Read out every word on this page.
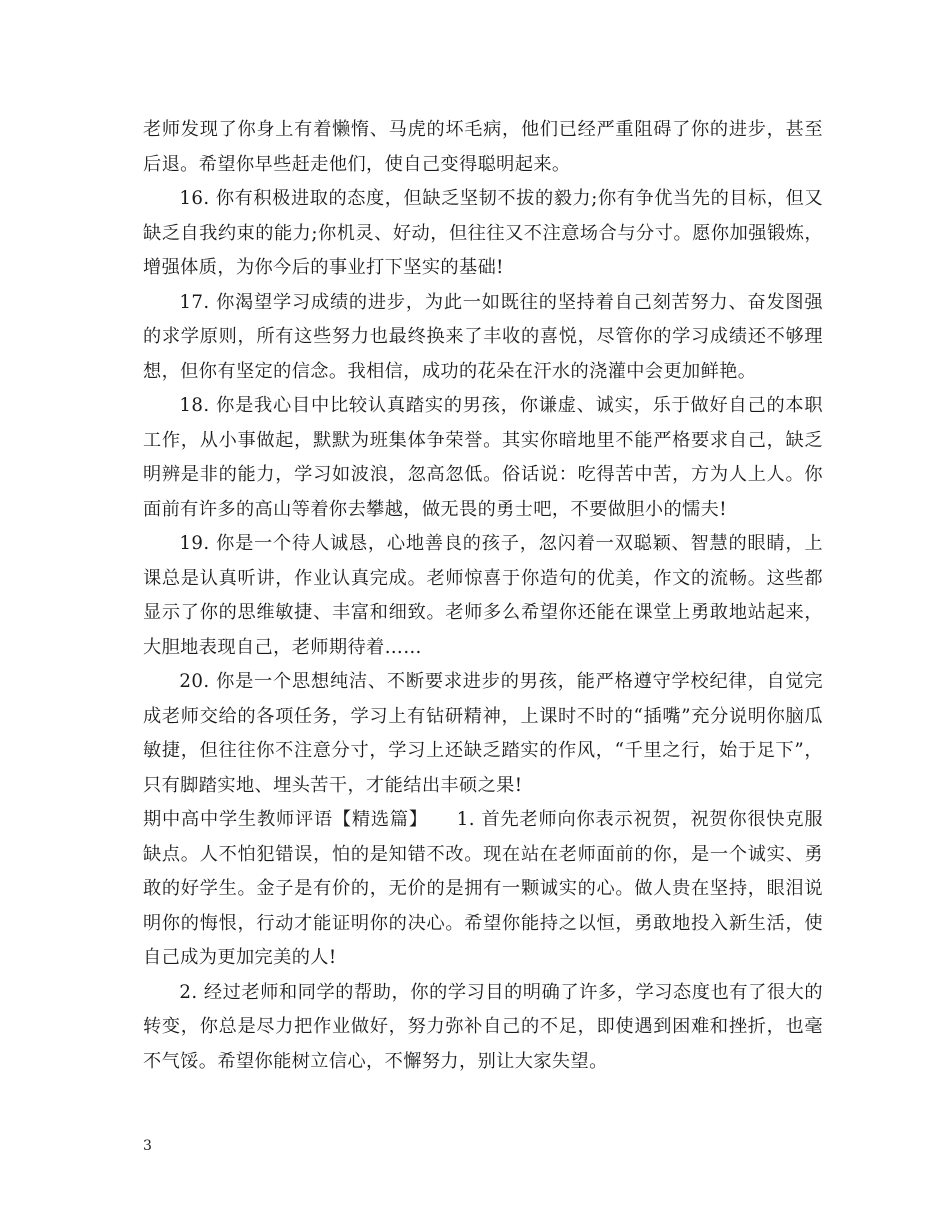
老师发现了你身上有着懒惰、马虎的坏毛病，他们已经严重阻碍了你的进步，甚至后退。希望你早些赶走他们，使自己变得聪明起来。

16. 你有积极进取的态度，但缺乏坚韧不拔的毅力;你有争优当先的目标，但又缺乏自我约束的能力;你机灵、好动，但往往又不注意场合与分寸。愿你加强锻炼，增强体质，为你今后的事业打下坚实的基础!

17. 你渴望学习成绩的进步，为此一如既往的坚持着自己刻苦努力、奋发图强的求学原则，所有这些努力也最终换来了丰收的喜悦，尽管你的学习成绩还不够理想，但你有坚定的信念。我相信，成功的花朵在汗水的浇灌中会更加鲜艳。

18. 你是我心目中比较认真踏实的男孩，你谦虚、诚实，乐于做好自己的本职工作，从小事做起，默默为班集体争荣誉。其实你暗地里不能严格要求自己，缺乏明辨是非的能力，学习如波浪，忽高忽低。俗话说：吃得苦中苦，方为人上人。你面前有许多的高山等着你去攀越，做无畏的勇士吧，不要做胆小的懦夫!

19. 你是一个待人诚恳，心地善良的孩子，忽闪着一双聪颖、智慧的眼睛，上课总是认真听讲，作业认真完成。老师惊喜于你造句的优美，作文的流畅。这些都显示了你的思维敏捷、丰富和细致。老师多么希望你还能在课堂上勇敢地站起来，大胆地表现自己，老师期待着……

20. 你是一个思想纯洁、不断要求进步的男孩，能严格遵守学校纪律，自觉完成老师交给的各项任务，学习上有钻研精神，上课时不时的“插嘴”充分说明你脑瓜敏捷，但往往你不注意分寸，学习上还缺乏踏实的作风，“千里之行，始于足下”，只有脚踏实地、埋头苦干，才能结出丰硕之果!

期中高中学生教师评语【精选篇】　　1. 首先老师向你表示祝贺，祝贺你很快克服缺点。人不怕犯错误，怕的是知错不改。现在站在老师面前的你，是一个诚实、勇敢的好学生。金子是有价的，无价的是拥有一颗诚实的心。做人贵在坚持，眼泪说明你的悔恨，行动才能证明你的决心。希望你能持之以恒，勇敢地投入新生活，使自己成为更加完美的人!

2. 经过老师和同学的帮助，你的学习目的明确了许多，学习态度也有了很大的转变，你总是尽力把作业做好，努力弥补自己的不足，即使遇到困难和挫折，也毫不气馁。希望你能树立信心，不懈努力，别让大家失望。

3
